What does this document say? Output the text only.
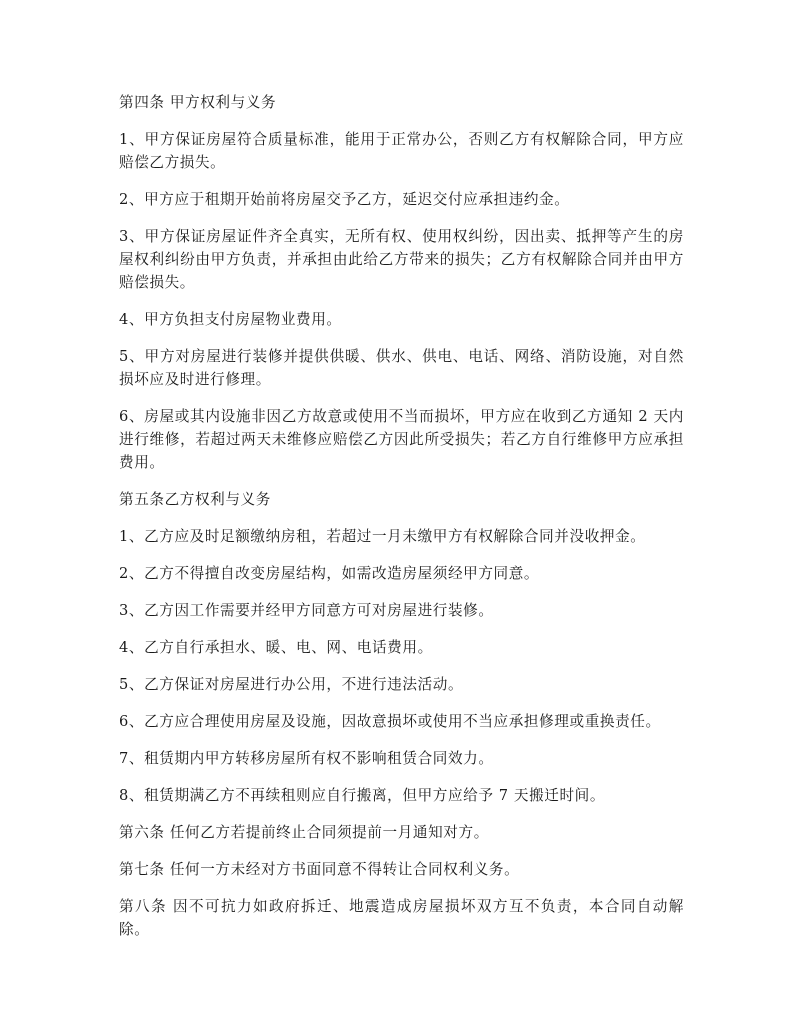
第四条 甲方权利与义务

1、甲方保证房屋符合质量标准，能用于正常办公，否则乙方有权解除合同，甲方应赔偿乙方损失。

2、甲方应于租期开始前将房屋交予乙方，延迟交付应承担违约金。

3、甲方保证房屋证件齐全真实，无所有权、使用权纠纷，因出卖、抵押等产生的房屋权利纠纷由甲方负责，并承担由此给乙方带来的损失；乙方有权解除合同并由甲方赔偿损失。

4、甲方负担支付房屋物业费用。

5、甲方对房屋进行装修并提供供暖、供水、供电、电话、网络、消防设施，对自然损坏应及时进行修理。

6、房屋或其内设施非因乙方故意或使用不当而损坏，甲方应在收到乙方通知 2 天内进行维修，若超过两天未维修应赔偿乙方因此所受损失；若乙方自行维修甲方应承担费用。

第五条乙方权利与义务

1、乙方应及时足额缴纳房租，若超过一月未缴甲方有权解除合同并没收押金。

2、乙方不得擅自改变房屋结构，如需改造房屋须经甲方同意。

3、乙方因工作需要并经甲方同意方可对房屋进行装修。

4、乙方自行承担水、暖、电、网、电话费用。

5、乙方保证对房屋进行办公用，不进行违法活动。

6、乙方应合理使用房屋及设施，因故意损坏或使用不当应承担修理或重换责任。

7、租赁期内甲方转移房屋所有权不影响租赁合同效力。

8、租赁期满乙方不再续租则应自行搬离，但甲方应给予 7 天搬迁时间。

第六条 任何乙方若提前终止合同须提前一月通知对方。

第七条 任何一方未经对方书面同意不得转让合同权利义务。

第八条 因不可抗力如政府拆迁、地震造成房屋损坏双方互不负责，本合同自动解除。
